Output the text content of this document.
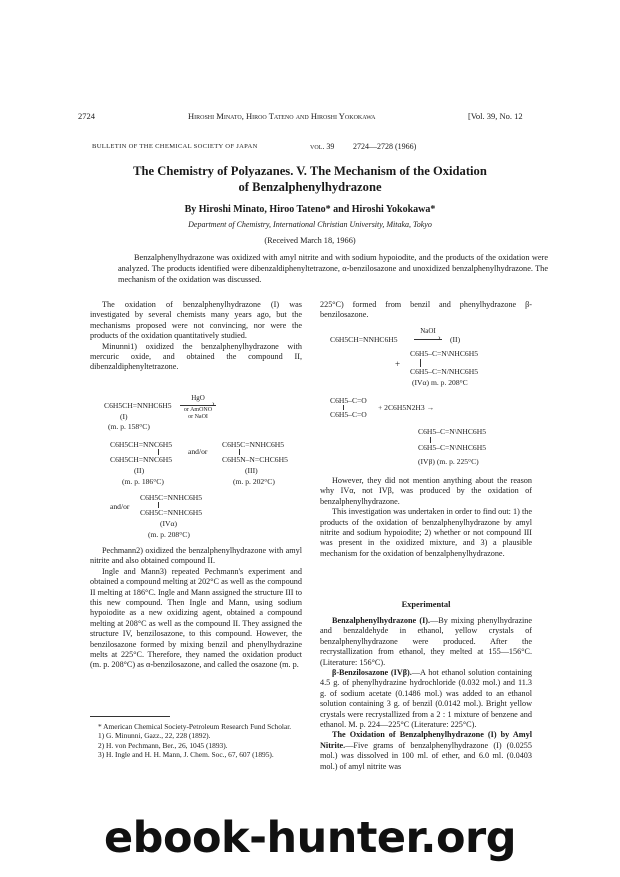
2724	Hiroshi Minato, Hiroo Tateno and Hiroshi Yokokawa	[Vol. 39, No. 12
BULLETIN OF THE CHEMICAL SOCIETY OF JAPAN	vol. 39 2724—2728 (1966)
The Chemistry of Polyazanes. V. The Mechanism of the Oxidation
of Benzalphenylhydrazone
By Hiroshi Minato, Hiroo Tateno* and Hiroshi Yokokawa*
Department of Chemistry, International Christian University, Mitaka, Tokyo
(Received March 18, 1966)
Benzalphenylhydrazone was oxidized with amyl nitrite and with sodium hypoiodite, and the products of the oxidation were analyzed. The products identified were dibenzaldiphenyltetrazone, α-benzilosazone and unoxidized benzalphenylhydrazone. The mechanism of the oxidation was discussed.

The oxidation of benzalphenylhydrazone (I) was investigated by several chemists many years ago, but the mechanisms proposed were not convincing, nor were the products of the oxidation quantitatively studied.

Minunni1) oxidized the benzalphenylhydrazone with mercuric oxide, and obtained the compound II, dibenzaldiphenyltetrazone.

C6H5CH=NNHC6H5
HgO
›
or AmONO
or NaOI
(I)
(m. p. 158°C)
C6H5CH=NNC6H5
C6H5CH=NNC6H5
(II)
(m. p. 186°C)
and/or
C6H5C=NNHC6H5
C6H5N–N=CHC6H5
(III)
(m. p. 202°C)
and/or
C6H5C=NNHC6H5
C6H5C=NNHC6H5
(IVα)
(m. p. 208°C)

Pechmann2) oxidized the benzalphenylhydrazone with amyl nitrite and also obtained compound II.

Ingle and Mann3) repeated Pechmann's experiment and obtained a compound melting at 202°C as well as the compound II melting at 186°C. Ingle and Mann assigned the structure III to this new compound. Then Ingle and Mann, using sodium hypoiodite as a new oxidizing agent, obtained a compound melting at 208°C as well as the compound II. They assigned the structure IV, benzilosazone, to this compound. However, the benzilosazone formed by mixing benzil and phenylhydrazine melts at 225°C. Therefore, they named the oxidation product (m. p. 208°C) as α-benzilosazone, and called the osazone (m. p.

* American Chemical Society-Petroleum Research Fund Scholar.
1) G. Minunni, Gazz., 22, 228 (1892).
2) H. von Pechmann, Ber., 26, 1045 (1893).
3) H. Ingle and H. H. Mann, J. Chem. Soc., 67, 607 (1895).

225°C) formed from benzil and phenylhydrazone β-benzilosazone.

C6H5CH=NNHC6H5
NaOI
› (II)
+
C6H5–C=N\NHC6H5
C6H5–C=N/NHC6H5
(IVα) m. p. 208°C
C6H5–C=O
C6H5–C=O
+ 2C6H5N2H3 →
C6H5–C=N\NHC6H5
C6H5–C=N\NHC6H5
(IVβ) (m. p. 225°C)

However, they did not mention anything about the reason why IVα, not IVβ, was produced by the oxidation of benzalphenylhydrazone.

This investigation was undertaken in order to find out: 1) the products of the oxidation of benzalphenylhydrazone by amyl nitrite and sodium hypoiodite; 2) whether or not compound III was present in the oxidized mixture, and 3) a plausible mechanism for the oxidation of benzalphenylhydrazone.

Experimental

Benzalphenylhydrazone (I).—By mixing phenylhydrazine and benzaldehyde in ethanol, yellow crystals of benzalphenylhydrazone were produced. After the recrystallization from ethanol, they melted at 155—156°C. (Literature: 156°C).

β-Benzilosazone (IVβ).—A hot ethanol solution containing 4.5 g. of phenylhydrazine hydrochloride (0.032 mol.) and 11.3 g. of sodium acetate (0.1486 mol.) was added to an ethanol solution containing 3 g. of benzil (0.0142 mol.). Bright yellow crystals were recrystallized from a 2 : 1 mixture of benzene and ethanol. M. p. 224—225°C (Literature: 225°C).

The Oxidation of Benzalphenylhydrazone (I) by Amyl Nitrite.—Five grams of benzalphenylhydrazone (I) (0.0255 mol.) was dissolved in 100 ml. of ether, and 6.0 ml. (0.0403 mol.) of amyl nitrite was

ebook-hunter.org
